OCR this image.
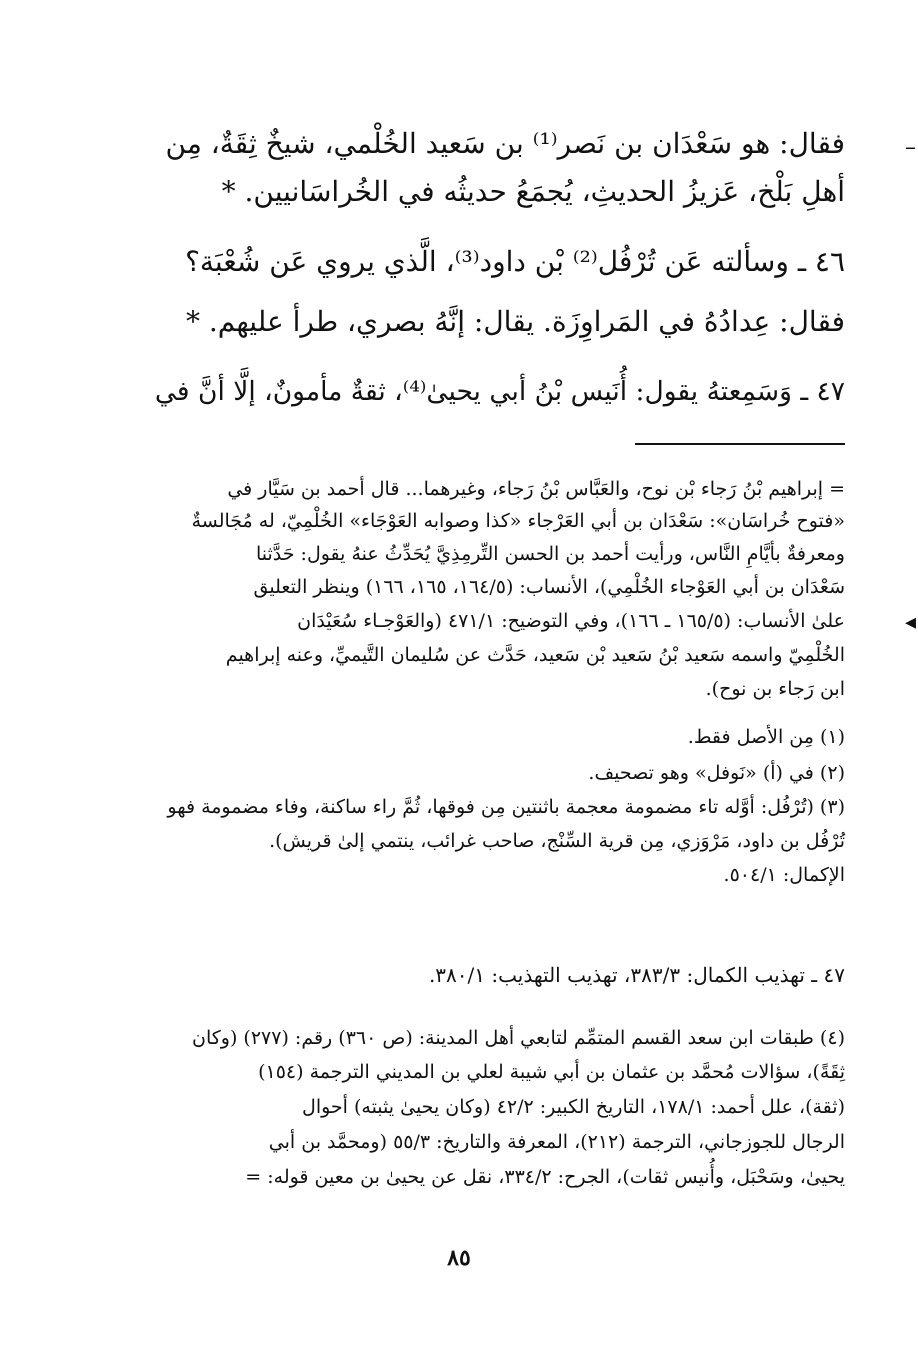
فقال: هو سَعْدَان بن نَصر⁽¹⁾ بن سَعيد الخُلْمي، شيخٌ ثِقَةٌ، مِن
أهلِ بَلْخ، عَزيزُ الحديثِ، يُجمَعُ حديثُه في الخُراسَانيين. *
٤٦ ـ وسألته عَن تُرْفُل⁽²⁾ بْن داود⁽³⁾، الَّذي يروي عَن شُعْبَة؟
فقال: عِدادُهُ في المَراوِزَة. يقال: إنَّهُ بصري، طرأ عليهم. *
٤٧ ـ وَسَمِعتهُ يقول: أُنَيس بْنُ أبي يحيىٰ⁽⁴⁾، ثقةٌ مأمونٌ، إلَّا أنَّ في
–
◂
= إبراهيم بْنُ رَجاء بْن نوح، والعَبَّاس بْنُ رَجاء، وغيرهما... قال أحمد بن سَيَّار في
«فتوح خُراسَان»: سَعْدَان بن أبي العَرْجاء «كذا وصوابه العَوْجَاء» الخُلْمِيّ، له مُجَالسةٌ
ومعرفةٌ بأيَّامِ النَّاس، ورأيت أحمد بن الحسن التِّرمِذِيَّ يُحَدِّثُ عنهُ يقول: حَدَّثنا
سَعْدَان بن أبي العَوْجاء الخُلْمِي)، الأنساب: (١٦٤/٥، ١٦٥، ١٦٦) وينظر التعليق
علىٰ الأنساب: (١٦٥/٥ ـ ١٦٦)، وفي التوضيح: ٤٧١/١ (والعَوْجـاء سُعَيْدَان
الخُلْمِيّ واسمه سَعيد بْنُ سَعيد بْن سَعيد، حَدَّث عن سُليمان التَّيميِّ، وعنه إبراهيم
ابن رَجاء بن نوح).
(١) مِن الأصل فقط.
(٢) في (أ) «نَوفل» وهو تصحيف.
(٣) (تُرْفُل: أوَّله تاء مضمومة معجمة باثنتين مِن فوقها، ثُمَّ راء ساكنة، وفاء مضمومة فهو
تُرْفُل بن داود، مَرْوَزي، مِن قرية السِّنْج، صاحب غرائب، ينتمي إلىٰ قريش).
الإكمال: ٥٠٤/١.
٤٧ ـ تهذيب الكمال: ٣٨٣/٣، تهذيب التهذيب: ٣٨٠/١.
(٤) طبقات ابن سعد القسم المتمِّم لتابعي أهل المدينة: (ص ٣٦٠) رقم: (٢٧٧) (وكان
ثِقَةً)، سؤالات مُحمَّد بن عثمان بن أبي شيبة لعلي بن المديني الترجمة (١٥٤)
(ثقة)، علل أحمد: ١٧٨/١، التاريخ الكبير: ٤٢/٢ (وكان يحيىٰ يثبته) أحوال
الرجال للجوزجاني، الترجمة (٢١٢)، المعرفة والتاريخ: ٥٥/٣ (ومحمَّد بن أبي
يحيىٰ، وسَحْبَل، وأُنيس ثقات)، الجرح: ٣٣٤/٢، نقل عن يحيىٰ بن معين قوله: =
٨٥
